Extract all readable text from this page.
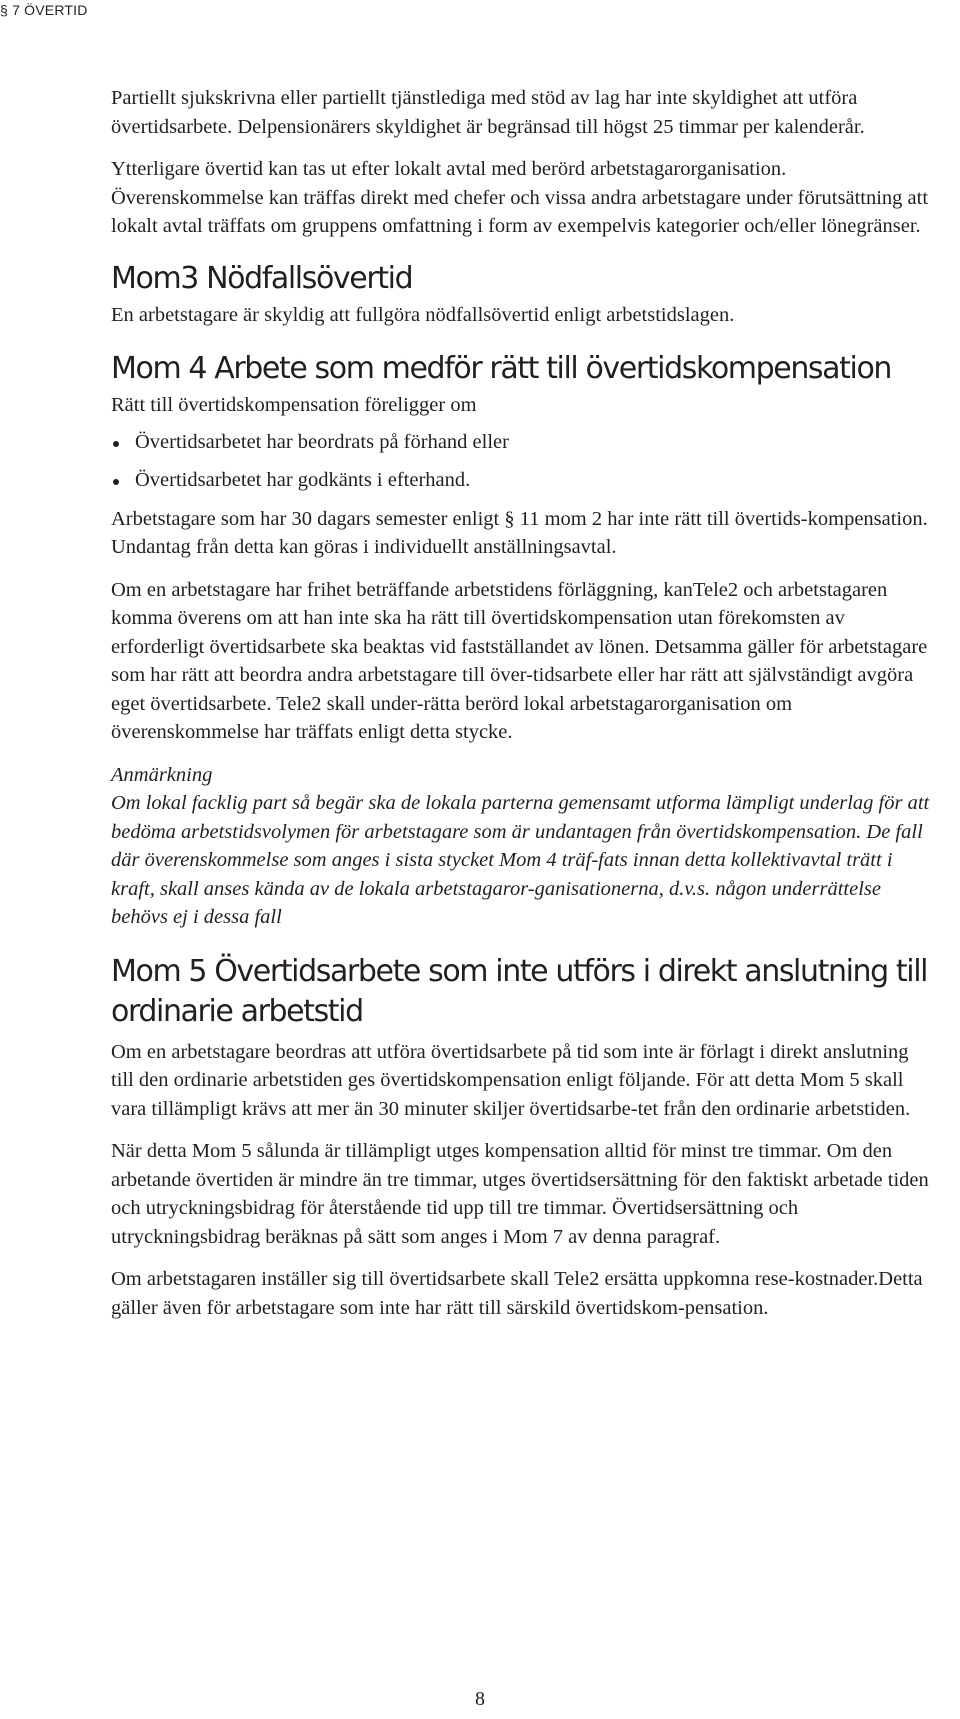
§ 7 ÖVERTID

Partiellt sjukskrivna eller partiellt tjänstlediga med stöd av lag har inte skyldighet att utföra övertidsarbete. Delpensionärers skyldighet är begränsad till högst 25 timmar per kalenderår.

Ytterligare övertid kan tas ut efter lokalt avtal med berörd arbetstagarorganisation. Överenskommelse kan träffas direkt med chefer och vissa andra arbetstagare under förutsättning att lokalt avtal träffats om gruppens omfattning i form av exempelvis kategorier och/eller lönegränser.

Mom3 Nödfallsövertid

En arbetstagare är skyldig att fullgöra nödfallsövertid enligt arbetstidslagen.

Mom 4 Arbete som medför rätt till övertidskompensation

Rätt till övertidskompensation föreligger om

Övertidsarbetet har beordrats på förhand eller
Övertidsarbetet har godkänts i efterhand.

Arbetstagare som har 30 dagars semester enligt § 11 mom 2 har inte rätt till övertids-kompensation. Undantag från detta kan göras i individuellt anställningsavtal.

Om en arbetstagare har frihet beträffande arbetstidens förläggning, kanTele2 och arbetstagaren komma överens om att han inte ska ha rätt till övertidskompensation utan förekomsten av erforderligt övertidsarbete ska beaktas vid fastställandet av lönen. Detsamma gäller för arbetstagare som har rätt att beordra andra arbetstagare till över-tidsarbete eller har rätt att självständigt avgöra eget övertidsarbete. Tele2 skall under-rätta berörd lokal arbetstagarorganisation om överenskommelse har träffats enligt detta stycke.

Anmärkning

Om lokal facklig part så begär ska de lokala parterna gemensamt utforma lämpligt underlag för att bedöma arbetstidsvolymen för arbetstagare som är undantagen från övertidskompensation. De fall där överenskommelse som anges i sista stycket Mom 4 träf-fats innan detta kollektivavtal trätt i kraft, skall anses kända av de lokala arbetstagaror-ganisationerna, d.v.s. någon underrättelse behövs ej i dessa fall

Mom 5 Övertidsarbete som inte utförs i direkt anslutning till ordinarie arbetstid

Om en arbetstagare beordras att utföra övertidsarbete på tid som inte är förlagt i direkt anslutning till den ordinarie arbetstiden ges övertidskompensation enligt följande. För att detta Mom 5 skall vara tillämpligt krävs att mer än 30 minuter skiljer övertidsarbe-tet från den ordinarie arbetstiden.

När detta Mom 5 sålunda är tillämpligt utges kompensation alltid för minst tre timmar. Om den arbetande övertiden är mindre än tre timmar, utges övertidsersättning för den faktiskt arbetade tiden och utryckningsbidrag för återstående tid upp till tre timmar. Övertidsersättning och utryckningsbidrag beräknas på sätt som anges i Mom 7 av denna paragraf.

Om arbetstagaren inställer sig till övertidsarbete skall Tele2 ersätta uppkomna rese-kostnader.Detta gäller även för arbetstagare som inte har rätt till särskild övertidskom-pensation.

8
